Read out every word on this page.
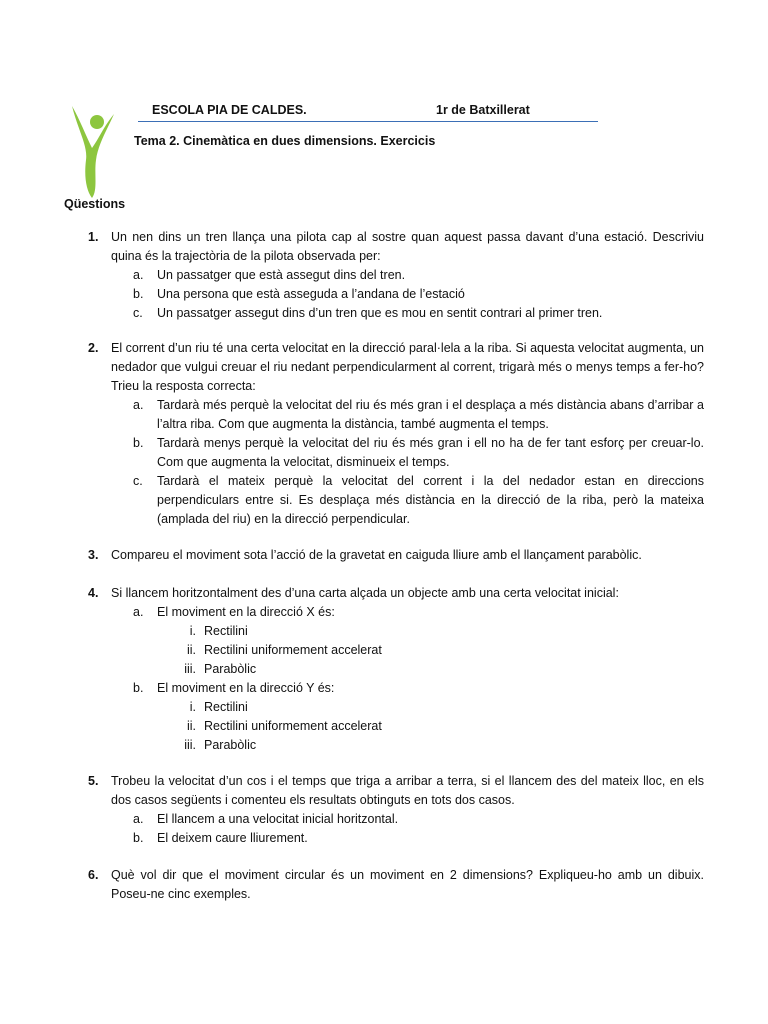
ESCOLA PIA DE CALDES.	1r de Batxillerat
Tema 2. Cinemàtica en dues dimensions. Exercicis
Qüestions
1. Un nen dins un tren llança una pilota cap al sostre quan aquest passa davant d’una estació. Descriviu quina és la trajectòria de la pilota observada per:
a. Un passatger que està assegut dins del tren.
b. Una persona que està asseguda a l’andana de l’estació
c. Un passatger assegut dins d’un tren que es mou en sentit contrari al primer tren.
2. El corrent d’un riu té una certa velocitat en la direcció paral·lela a la riba. Si aquesta velocitat augmenta, un nedador que vulgui creuar el riu nedant perpendicularment al corrent, trigarà més o menys temps a fer-ho? Trieu la resposta correcta:
a. Tardarà més perquè la velocitat del riu és més gran i el desplaça a més distància abans d’arribar a l’altra riba. Com que augmenta la distància, també augmenta el temps.
b. Tardarà menys perquè la velocitat del riu és més gran i ell no ha de fer tant esforç per creuar-lo. Com que augmenta la velocitat, disminueix el temps.
c. Tardarà el mateix perquè la velocitat del corrent i la del nedador estan en direccions perpendiculars entre si. Es desplaça més distància en la direcció de la riba, però la mateixa (amplada del riu) en la direcció perpendicular.
3. Compareu el moviment sota l’acció de la gravetat en caiguda lliure amb el llançament parabòlic.
4. Si llancem horitzontalment des d’una carta alçada un objecte amb una certa velocitat inicial:
a. El moviment en la direcció X és:
i. Rectilini
ii. Rectilini uniformement accelerat
iii. Parabòlic
b. El moviment en la direcció Y és:
i. Rectilini
ii. Rectilini uniformement accelerat
iii. Parabòlic
5. Trobeu la velocitat d’un cos i el temps que triga a arribar a terra, si el llancem des del mateix lloc, en els dos casos següents i comenteu els resultats obtinguts en tots dos casos.
a. El llancem a una velocitat inicial horitzontal.
b. El deixem caure lliurement.
6. Què vol dir que el moviment circular és un moviment en 2 dimensions? Expliqueu-ho amb un dibuix. Poseu-ne cinc exemples.
